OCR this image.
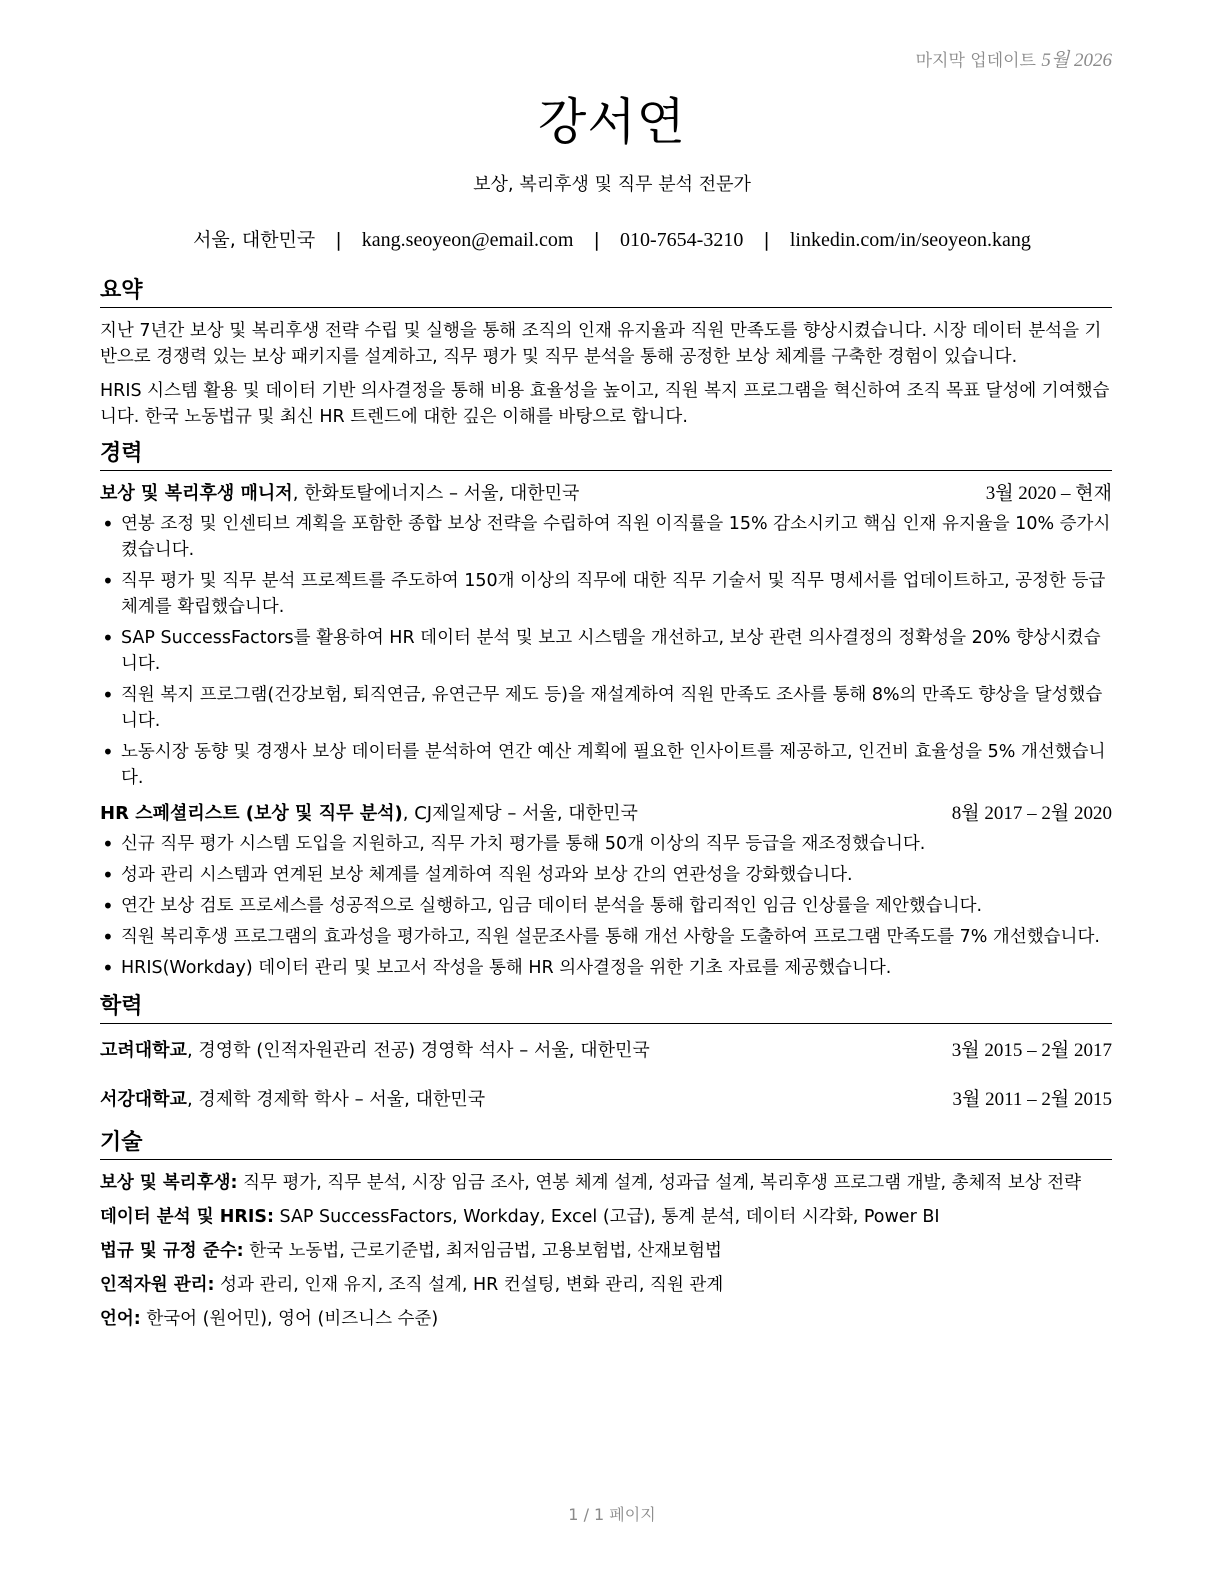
마지막 업데이트 5월 2026
강서연
보상, 복리후생 및 직무 분석 전문가
서울, 대한민국 | kang.seoyeon@email.com | 010-7654-3210 | linkedin.com/in/seoyeon.kang
요약

지난 7년간 보상 및 복리후생 전략 수립 및 실행을 통해 조직의 인재 유지율과 직원 만족도를 향상시켰습니다. 시장 데이터 분석을 기반으로 경쟁력 있는 보상 패키지를 설계하고, 직무 평가 및 직무 분석을 통해 공정한 보상 체계를 구축한 경험이 있습니다.

HRIS 시스템 활용 및 데이터 기반 의사결정을 통해 비용 효율성을 높이고, 직원 복지 프로그램을 혁신하여 조직 목표 달성에 기여했습니다. 한국 노동법규 및 최신 HR 트렌드에 대한 깊은 이해를 바탕으로 합니다.

경력
보상 및 복리후생 매니저, 한화토탈에너지스 – 서울, 대한민국	3월 2020 – 현재
• 연봉 조정 및 인센티브 계획을 포함한 종합 보상 전략을 수립하여 직원 이직률을 15% 감소시키고 핵심 인재 유지율을 10% 증가시켰습니다.
• 직무 평가 및 직무 분석 프로젝트를 주도하여 150개 이상의 직무에 대한 직무 기술서 및 직무 명세서를 업데이트하고, 공정한 등급 체계를 확립했습니다.
• SAP SuccessFactors를 활용하여 HR 데이터 분석 및 보고 시스템을 개선하고, 보상 관련 의사결정의 정확성을 20% 향상시켰습니다.
• 직원 복지 프로그램(건강보험, 퇴직연금, 유연근무 제도 등)을 재설계하여 직원 만족도 조사를 통해 8%의 만족도 향상을 달성했습니다.
• 노동시장 동향 및 경쟁사 보상 데이터를 분석하여 연간 예산 계획에 필요한 인사이트를 제공하고, 인건비 효율성을 5% 개선했습니다.
HR 스페셜리스트 (보상 및 직무 분석), CJ제일제당 – 서울, 대한민국	8월 2017 – 2월 2020
• 신규 직무 평가 시스템 도입을 지원하고, 직무 가치 평가를 통해 50개 이상의 직무 등급을 재조정했습니다.
• 성과 관리 시스템과 연계된 보상 체계를 설계하여 직원 성과와 보상 간의 연관성을 강화했습니다.
• 연간 보상 검토 프로세스를 성공적으로 실행하고, 임금 데이터 분석을 통해 합리적인 임금 인상률을 제안했습니다.
• 직원 복리후생 프로그램의 효과성을 평가하고, 직원 설문조사를 통해 개선 사항을 도출하여 프로그램 만족도를 7% 개선했습니다.
• HRIS(Workday) 데이터 관리 및 보고서 작성을 통해 HR 의사결정을 위한 기초 자료를 제공했습니다.
학력
고려대학교, 경영학 (인적자원관리 전공) 경영학 석사 – 서울, 대한민국	3월 2015 – 2월 2017
서강대학교, 경제학 경제학 학사 – 서울, 대한민국	3월 2011 – 2월 2015
기술
보상 및 복리후생: 직무 평가, 직무 분석, 시장 임금 조사, 연봉 체계 설계, 성과급 설계, 복리후생 프로그램 개발, 총체적 보상 전략
데이터 분석 및 HRIS: SAP SuccessFactors, Workday, Excel (고급), 통계 분석, 데이터 시각화, Power BI
법규 및 규정 준수: 한국 노동법, 근로기준법, 최저임금법, 고용보험법, 산재보험법
인적자원 관리: 성과 관리, 인재 유지, 조직 설계, HR 컨설팅, 변화 관리, 직원 관계
언어: 한국어 (원어민), 영어 (비즈니스 수준)
1 / 1 페이지
